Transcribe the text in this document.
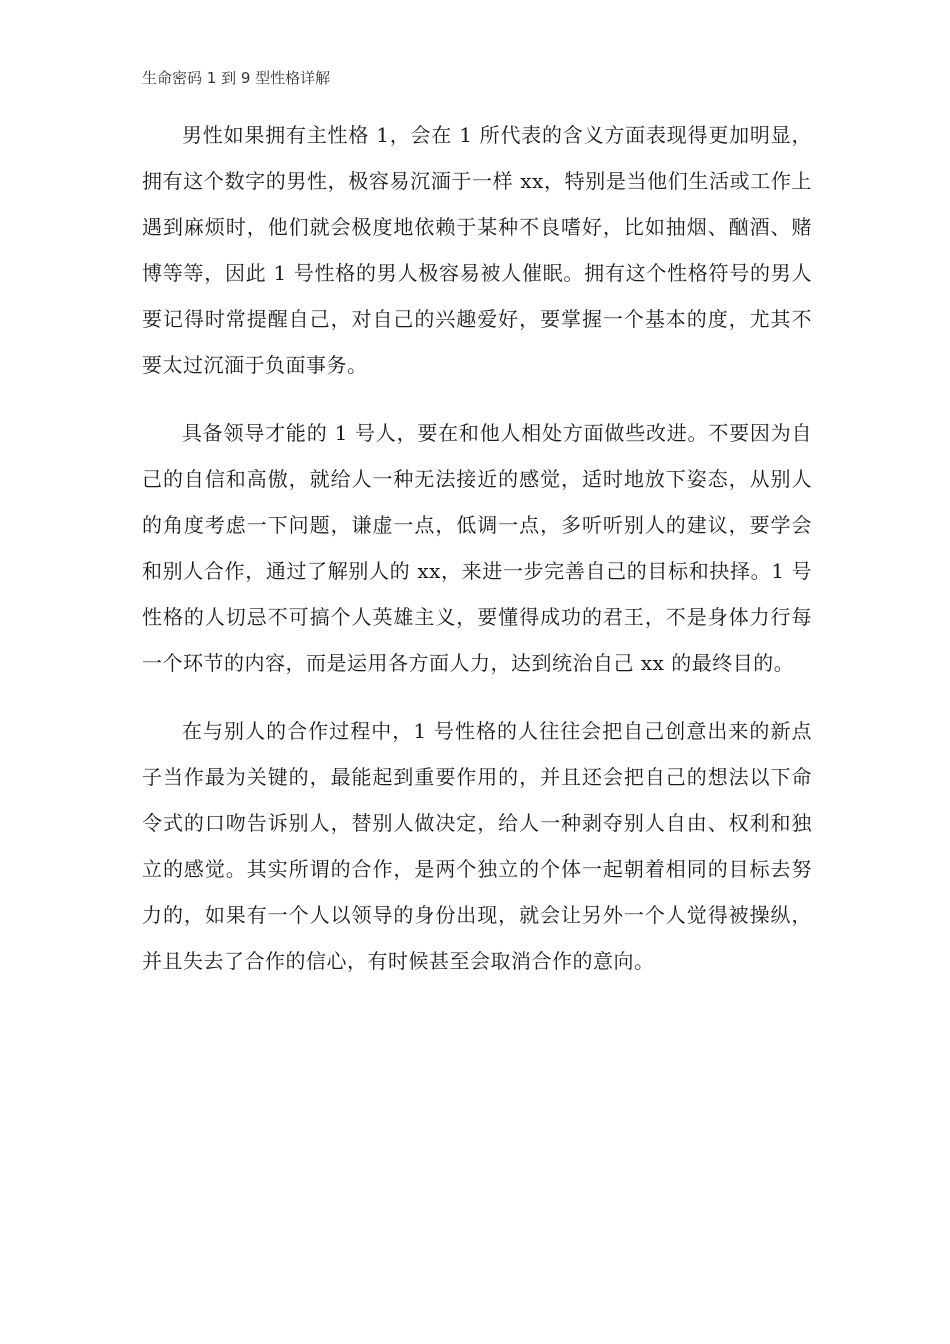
生命密码 1 到 9 型性格详解

男性如果拥有主性格 1，会在 1 所代表的含义方面表现得更加明显，拥有这个数字的男性，极容易沉湎于一样 xx，特别是当他们生活或工作上遇到麻烦时，他们就会极度地依赖于某种不良嗜好，比如抽烟、酗酒、赌博等等，因此 1 号性格的男人极容易被人催眠。拥有这个性格符号的男人要记得时常提醒自己，对自己的兴趣爱好，要掌握一个基本的度，尤其不要太过沉湎于负面事务。

具备领导才能的 1 号人，要在和他人相处方面做些改进。不要因为自己的自信和高傲，就给人一种无法接近的感觉，适时地放下姿态，从别人的角度考虑一下问题，谦虚一点，低调一点，多听听别人的建议，要学会和别人合作，通过了解别人的 xx，来进一步完善自己的目标和抉择。1 号性格的人切忌不可搞个人英雄主义，要懂得成功的君王，不是身体力行每一个环节的内容，而是运用各方面人力，达到统治自己 xx 的最终目的。

在与别人的合作过程中，1 号性格的人往往会把自己创意出来的新点子当作最为关键的，最能起到重要作用的，并且还会把自己的想法以下命令式的口吻告诉别人，替别人做决定，给人一种剥夺别人自由、权利和独立的感觉。其实所谓的合作，是两个独立的个体一起朝着相同的目标去努力的，如果有一个人以领导的身份出现，就会让另外一个人觉得被操纵，并且失去了合作的信心，有时候甚至会取消合作的意向。
